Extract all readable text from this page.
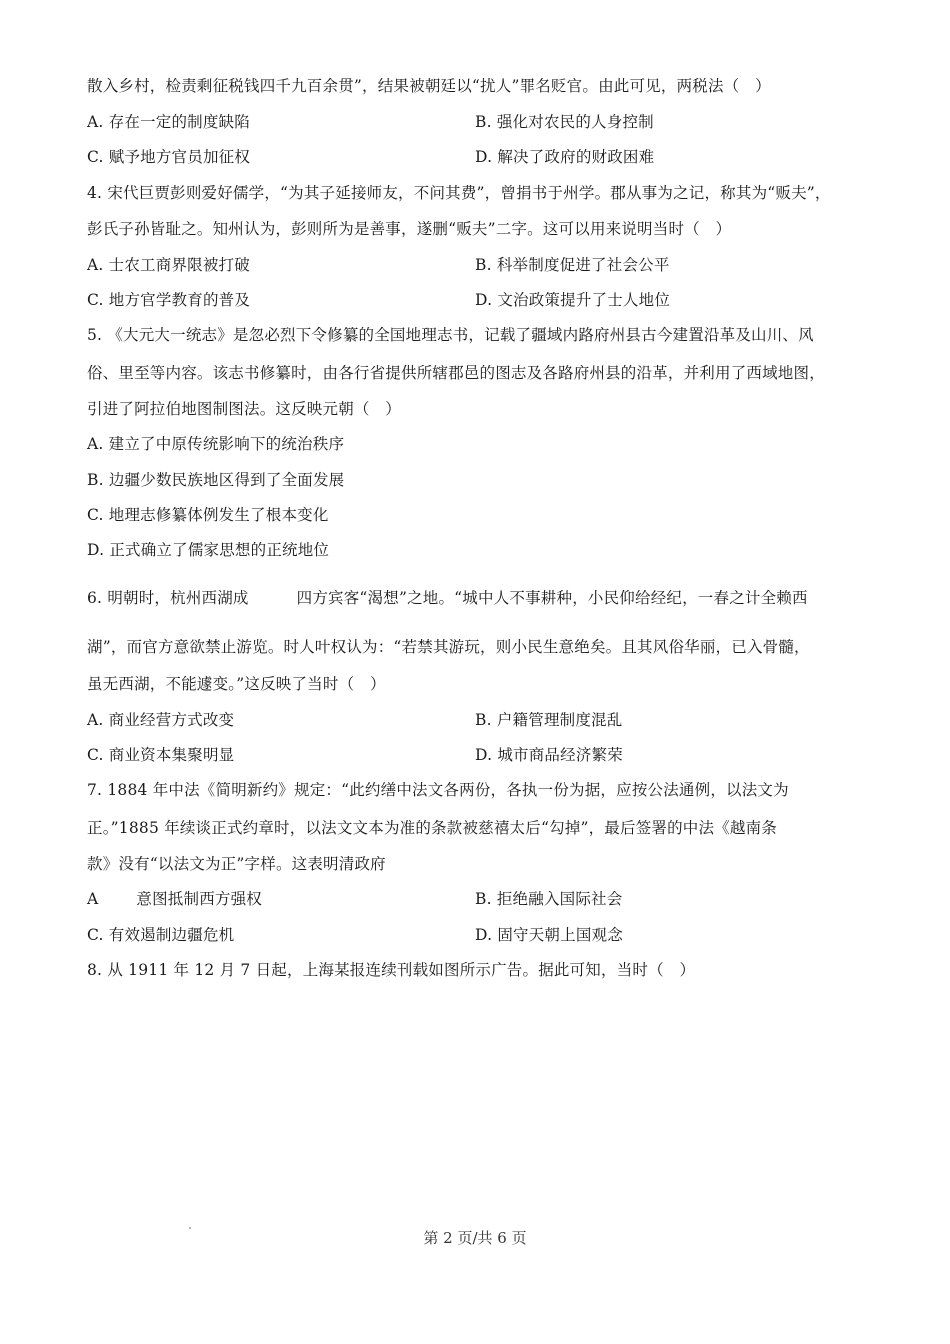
散入乡村，检责剩征税钱四千九百余贯”，结果被朝廷以“扰人”罪名贬官。由此可见，两税法（　）
A. 存在一定的制度缺陷	B. 强化对农民的人身控制
C. 赋予地方官员加征权	D. 解决了政府的财政困难
4. 宋代巨贾彭则爱好儒学，“为其子延接师友，不问其费”，曾捐书于州学。郡从事为之记，称其为“贩夫”，
彭氏子孙皆耻之。知州认为，彭则所为是善事，遂删“贩夫”二字。这可以用来说明当时（　）
A. 士农工商界限被打破	B. 科举制度促进了社会公平
C. 地方官学教育的普及	D. 文治政策提升了士人地位
5. 《大元大一统志》是忽必烈下令修纂的全国地理志书，记载了疆域内路府州县古今建置沿革及山川、风
俗、里至等内容。该志书修纂时，由各行省提供所辖郡邑的图志及各路府州县的沿革，并利用了西域地图，
引进了阿拉伯地图制图法。这反映元朝（　）
A. 建立了中原传统影响下的统治秩序
B. 边疆少数民族地区得到了全面发展
C. 地理志修纂体例发生了根本变化
D. 正式确立了儒家思想的正统地位
6. 明朝时，杭州西湖成	四方宾客“渴想”之地。“城中人不事耕种，小民仰给经纪，一春之计全赖西
湖”，而官方意欲禁止游览。时人叶权认为：“若禁其游玩，则小民生意绝矣。且其风俗华丽，已入骨髓，
虽无西湖，不能遽变。”这反映了当时（　）
A. 商业经营方式改变	B. 户籍管理制度混乱
C. 商业资本集聚明显	D. 城市商品经济繁荣
7. 1884 年中法《简明新约》规定：“此约缮中法文各两份，各执一份为据，应按公法通例，以法文为
正。”1885 年续谈正式约章时，以法文文本为准的条款被慈禧太后“勾掉”，最后签署的中法《越南条
款》没有“以法文为正”字样。这表明清政府
A 意图抵制西方强权	B. 拒绝融入国际社会
C. 有效遏制边疆危机	D. 固守天朝上国观念
8. 从 1911 年 12 月 7 日起，上海某报连续刊载如图所示广告。据此可知，当时（　）
第 2 页/共 6 页
